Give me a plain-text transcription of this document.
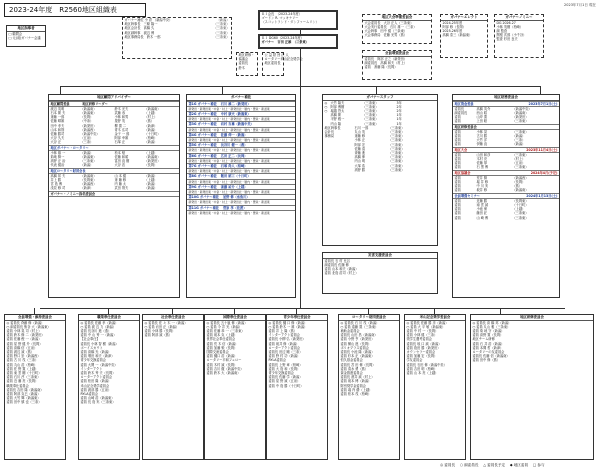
2023-24年度　R2560地区組織表
2023年7月1日 現在
ＲＩ会長　（2023-24年度）
ゴードン R. マッキナリー
（スコットランド・ダンファームリン）
ＲＩ DG60（2023-24年度）
ガバナー　吉田 正雄　（三条東）
地区指導者
□ 顧問会
□ 元(前)ガバナー会議
ガバナー補佐 小 倉 （新潟中央）	（新潟）
地区幹事長　 三條 隆一	（三条東）
地区会計長　 高橋 久	（三条東）
地区副幹事　 渡辺 博	（三条東）
地区事務局長　 鈴木 一郎	（三条東）
地区研修・
協議会
委員長
鈴木
公 益 財 団 法 人
ロータリー米山記念奨学会
地区委員長
地区大会準備委員会
大会委員長　大谷 正人（三条東）
大会実行委員長　石川 雄一（三条）
大会幹事　田中 健（三条東）
大会事務局　佐藤 光男（燕）
会員増強委員会
委員長　阿部 正之（新発田）
副委員長　高橋 和夫（村上）
委員　斎藤 隆（長岡）
ガバナーエレクト
2024-25年度
阿部 修（長岡）
2025-26年度
高橋 泰三（新潟東）
ガバナーノミニー
DG 2026-27
小林 茂樹（柏崎）
副 監査
関根 次郎（小千谷）
監査 杉田 良夫
地区顧問アドバイザー
地区顧問委員　　　　	地区研修リーダー
渡辺 英明	（新潟南）	鈴木 光夫	（新潟南）
石本 繁 夫	（新潟東）	武藤 寿	（上越）
斎藤 一郎	（長岡）	小林 和男	（村上）
佐藤 晴雄	（中条）	星野 茂	（燕）
田中 孝夫	（新発田）	柳 寛 二	（新津）
山本 和則	（新潟西）	青木 弘司	（新潟）
佐藤 勝司	（新潟中央）	金子 一 郎	（十日町）
大谷 久夫	（五泉）	阿部 幸雄	（柏崎）
大谷 正	（三条）	石塚 正	（新潟）
地区ガバナー・ロータリー
小林 雄 一	（新潟）	松本 勉	（上越）
菊地 賢一	（新潟東）	佐藤 和昭	（新潟南）
高野 正 治	（三条東）	富田 直 樹	（新発田）
代表 健治	（新潟）	大谷 忠	（長岡）
地区ロータリー財団会長
高橋 邦 夫	（新潟南）	山 本 健	（新潟）
井上 勝	（長岡東）	斎 藤 修	（上越）
宮 島 博	（新潟西）	内 藤 太	（新潟）
浅見 修 司	（新津）	武田 則夫	（新潟）
ガバナー・ノミニー指名委員会
ガバナー補佐
第1G ガバナー補佐 石川 雄二（新発田）
新発田・新発田東・中条・村上・新発田北・胎内・豊栄・新潟東
第2G ガバナー補佐 中村 康夫（新潟東）
新発田・新発田東・中条・村上・新発田北・胎内・豊栄・新潟東
第3G ガバナー補佐 岩村 吉雄（新潟中央）
新発田・新発田東・中条・村上・新発田北・胎内・豊栄・新潟東
第4G ガバナー補佐 佐藤 伸一（新潟）
新発田・新発田東・中条・村上・新発田北・胎内・豊栄・新潟東
第5G ガバナー補佐 長谷川 健一（燕）
新発田・新発田東・中条・村上・新発田北・胎内・豊栄・新潟東
第6G ガバナー補佐 広田 正二（長岡）
新発田・新発田東・中条・村上・新発田北・胎内・豊栄・新潟東
第7G ガバナー補佐 石塚 尚人（柏崎）
新発田・新発田東・中条・村上・新発田北・胎内・豊栄・新潟東
第8G ガバナー補佐 飯田 昭三（十日町）
新発田・新発田東・中条・村上・新発田北・胎内・豊栄・新潟東
第9G ガバナー補佐 斎藤 祐介（上越）
新発田・新発田東・中条・村上・新発田北・胎内・豊栄・新潟東
第10G ガバナー補佐 星野 修（糸魚川）
新発田・新発田東・中条・村上・新発田北・胎内・豊栄・新潟東
第11G ガバナー補佐 菅原 孝（佐渡）
新発田・新発田東・中条・村上・新発田北・胎内・豊栄・新潟東
ガバナースタッフ
◎ 大竹 隆夫	（三条東）	3年
○ 阿部 博樹	（三条東）	2年
○ 堀越 啓太	（三条東）	2年
高橋 繁	（三条東）	1年
平野 雅一	（三条東）	1年
内山 隆	（三条東）	1年
地区幹事長	石川 一郎	（三条東）
会計長	丸山 茂	（三条東）
事務局	斎藤 修	（三条東）
小林 正	（三条東）
阿部 宏	（三条東）
佐藤 清	（三条東）
斉藤 進	（三条東）
高橋 伸	（三条東）
内山 明	（三条東）
大塚 浩	（三条東）
高野 勝	（三条東）
災害支援委員会
委員長 石 村 比呂
副委員長 佐藤 修
委員 山本 和夫（新潟）
委員 北島 浩司（村上）
地区財務委員会
地区資金委員	2023年7月1日(土)
委員長	高橋 英介	（新潟中央）
副委員長	西山 昭	（新潟南）
委員	山岸 寛	（新発田）
委員	上田 聡	（三条東）
地区研修委員会
委員	小林 晃	（三条東）
委員	古川 勝	（新潟）
委員	大竹 洋	（三条）
委員	伊藤 直	（新潟）
地区大会	2023年11月4日(土)
委員	山田 和彦	（三条東）
委員	木村 亮	（村上）
委員	佐藤 厚	（五泉）
委員	石 黒 博	（三条東）
地区協議会	2024年4月(予定)
委員	荒井 賢	（新潟西）
委員	堀 井 修	（長岡）
委員	中 川 実	（燕）
委員	坂井 修	（新潟南）
会員増強セミナー	2024年1月13日(土)
委員	近藤 勝	（長岡東）
委員	南 雲 誠	（十日町）
委員	小池 保	（上越）
委員	藤田 匠	（三条東）
委員	山 崎 博	（三条東）
会員増強・維持委員会
◎ 委員長 斉藤 修（新潟）
○ 副委員長 熊谷 大（新潟東）
委員 小林 晃 司（村上）
委員 鈴木 修 二（新発田）
委員 佐藤 俊 一（新潟）
委員 星 野 健 介（長岡）
委員 高橋 信（五泉）
委員 渡辺 誠（燕）
委員 野口 崇（新潟西）
委員 古 川 茂（三条）
委員 丸山 浩（柏崎）
委員 佐 野 寛（上越）
委員 東 雲 剛（十日町）
委員 石川 淳（三条東）
委員 近 藤 亮（長岡）
職業奉仕委員会
委員長 吉田 隆（新潟南）
委員 阿部 克巳（新潟）
委員 大竹 輝（新潟東）
委員 田中 慎 也（三条）
職業奉仕委員会
◎ 委員長 佐藤 孝（新潟）
○ 委員 渡 辺 力（新潟）
委員 長谷川 進（燕）
委員 中 山 秀 一（新潟）
【社会奉仕】
委員長 小林 智 樹（新潟）
ボーイスカウト
委員 高橋 光（新潟）
委員 増田 和夫（新津）
青少年交換委員会
委員 大関 一（新潟中央）
インターアクト
委員 鈴木 秀 夫（長岡）
ローターアクト委員会
委員 松田 隆（新潟）
米山記念奨学委員会
委員 渡部 勝（五泉）
RYLA委員会
委員 山崎 浩（新潟東）
委員 長 島 実（三条東）
社会奉仕委員会
◎ 委員長 佐 々 木 一（新潟）
○ 委員 岩田 正（新潟）
委員 小林 勝（長岡）
委員 阿部 誠（燕）
国際奉仕委員会
◎ 委員長 五十嵐 修（新潟）
○ 委員 今 井 光（新潟）
委員 佐藤 恭 一（三条東）
委員 坂本 克（上越）
世界社会奉仕委員会
委員 荒 木 信（新潟）
委員 加藤 勉（長岡）
国際交流委員会
委員 樋口 浩（新潟）
ロータリー平和フェロー
委員 木村 誠（長岡）
委員 吉川 徹（新潟中央）
委員 鈴木 大（新潟南）
青少年奉仕委員会
◎ 委員長 樋 口 修（新潟）
○ 委員 鈴木 一 雄（新潟）
委員 井 上 隆（燕）
インターアクト委員会
委員長 小柳 弘（新発田）
委員 坂井 修（新潟）
ローターアクト委員会
委員長 田辺 剛（三条）
委員 野 村 功（新潟）
RYLA委員会
委員長 上野 章（柏崎）
委員 大 島 和（長岡）
青少年交換委員会
委員長 佐藤 学（新潟）
委員 星 野 誠（五泉）
委員 中 島 勝（十日町）
ロータリー財団委員会
◎ 委員長 石 川 茂（新潟）
○ 委員 遠藤 寛（三条東）
補助金委員会
委員長 山田 昌（新潟南）
委員 小野 亨（新発田）
委員 横山 進（長岡）
ポリオプラス委員会
委員長 小池 隆（新潟）
委員 杉本 正（新潟東）
恒久基金委員会
委員長 宮 田 修（長岡）
委員 清水 勇（燕）
資金推進委員会
委員長 酒井 誠（村上）
委員 坂本 博（新潟）
財団奨学金委員会
委員 堀 内 優（上越）
委員 松本 茂（柏崎）
米山記念奨学委員会
◎ 委員長 佐藤 勝 彦（新潟）
○ 委員 大 平 敏（新潟東）
委員 中 村 一（長岡）
委員 小林 健（三条）
奨学生選考委員会
委員長 坂 口 誠（新潟）
委員 島田 勝（新発田）
カウンセラー委員会
委員 加藤 宏（長岡）
学友委員会
委員長 石田 修（新潟中央）
委員 吉田 明（柏崎）
委員 山 本 亮（上越）
地区研修委員会
◎ 委員長 高 橋 邦（新潟）
○ 委員 丸山 雅（三条東）
委員 菊 地 守（新潟）
委員 高野 寛（長岡）
地区チーム研修
委員 石 井 浩（新潟）
委員 本間 哲（新津）
ロータリーの友委員会
委員長 佐藤 信（新潟南）
委員 田中 修（燕）
◎ 委員長　 ○ 副委員長　 △ 委員長予定　 ◆ 地区委員　 □ 参与
